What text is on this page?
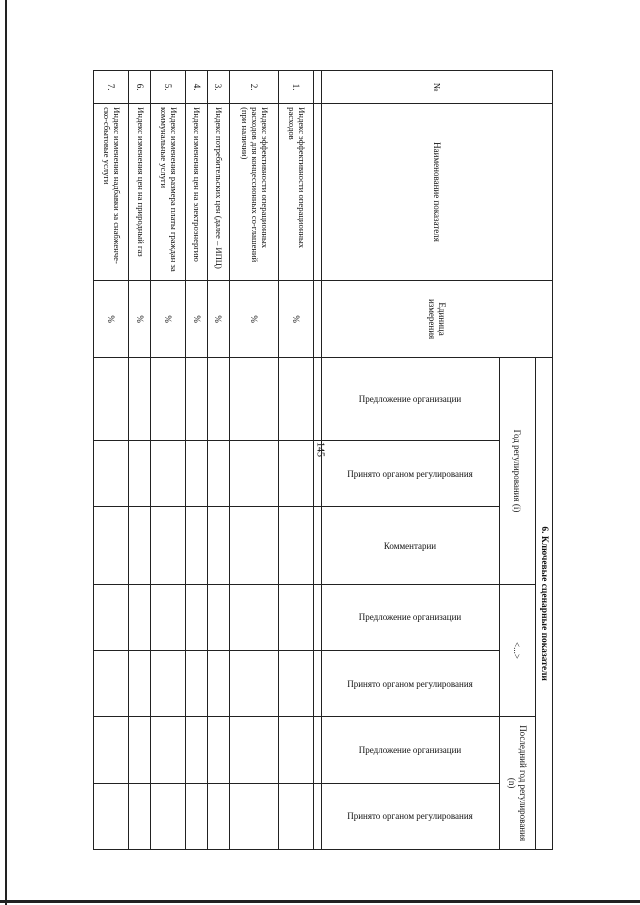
145
№	Наименование показателя	Единица измерения	6. Ключевые сценарные показатели						
			Год регулирования (i)			<...>		Последний год регулирования (n)	

			Предложение организации	Принято органом регулирования	Комментарии	Предложение организации	Принято органом регулирования	Предложение организации	Принято органом регулирования

1.	Индекс эффективности операционных расходов	%							
2.	Индекс эффективности операционных расходов для концессионных со-глашений (при наличии)	%							
3.	Индекс потребительских цен (далее – ИПЦ)	%							
4.	Индекс изменения цен на электроэнергию	%							
5.	Индекс изменения размера платы граждан за коммунальные услуги	%							
6.	Индекс изменения цен на природный газ	%							
7.	Индекс изменения надбавки за снабженче-ско-сбытовые услуги	%							
